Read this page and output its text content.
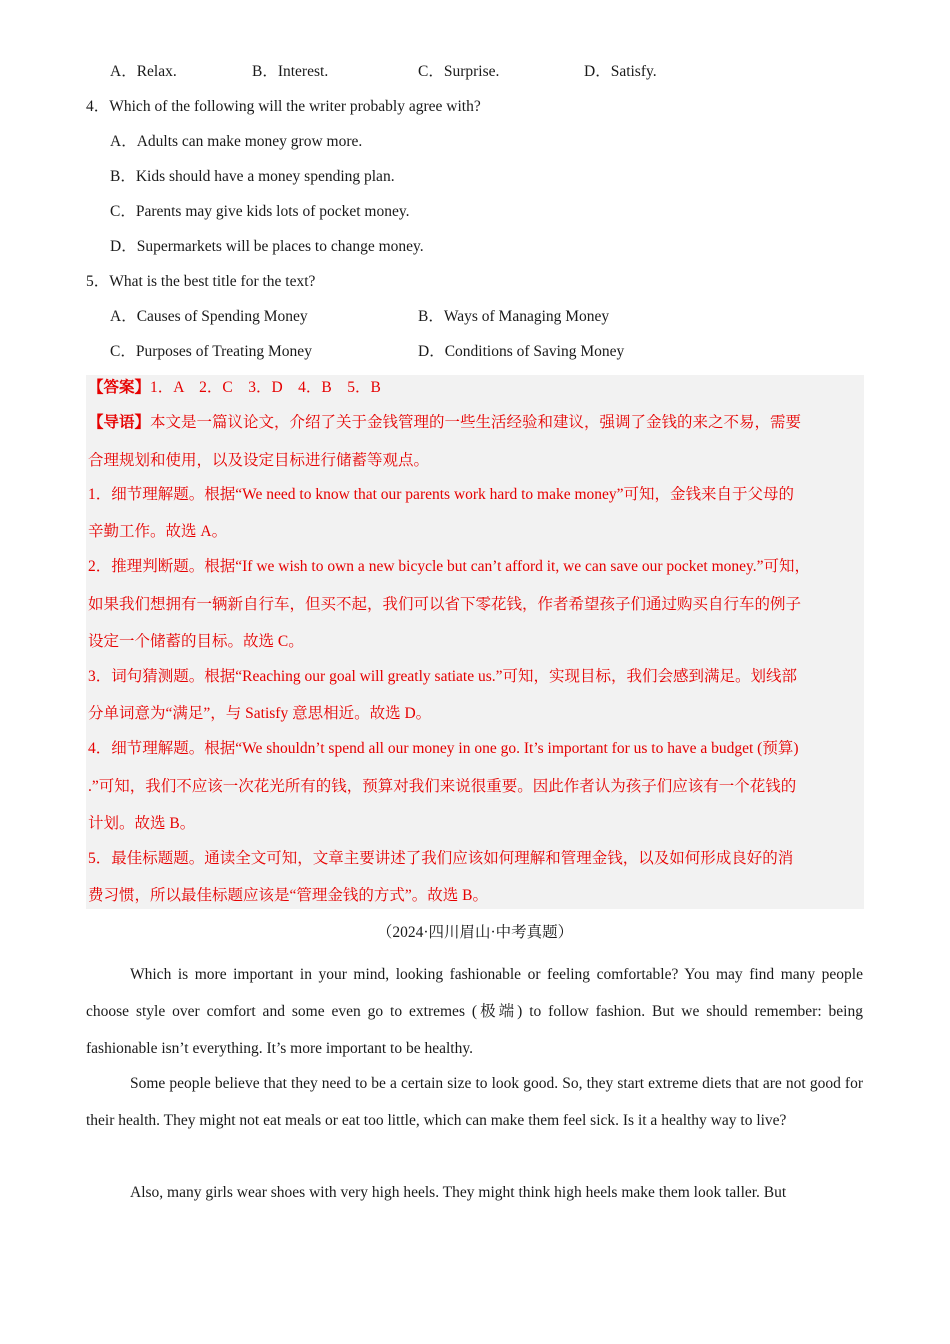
A．Relax.	B．Interest.	C．Surprise.	D．Satisfy.
4．Which of the following will the writer probably agree with?
A．Adults can make money grow more.
B．Kids should have a money spending plan.
C．Parents may give kids lots of pocket money.
D．Supermarkets will be places to change money.
5．What is the best title for the text?
A．Causes of Spending Money	B．Ways of Managing Money
C．Purposes of Treating Money	D．Conditions of Saving Money
【答案】1．A　2．C　3．D　4．B　5．B
【导语】本文是一篇议论文，介绍了关于金钱管理的一些生活经验和建议，强调了金钱的来之不易，需要
合理规划和使用，以及设定目标进行储蓄等观点。
1．细节理解题。根据“We need to know that our parents work hard to make money”可知，金钱来自于父母的
辛勤工作。故选 A。
2．推理判断题。根据“If we wish to own a new bicycle but can’t afford it, we can save our pocket money.”可知，
如果我们想拥有一辆新自行车，但买不起，我们可以省下零花钱，作者希望孩子们通过购买自行车的例子
设定一个储蓄的目标。故选 C。
3．词句猜测题。根据“Reaching our goal will greatly satiate us.”可知，实现目标，我们会感到满足。划线部
分单词意为“满足”，与 Satisfy 意思相近。故选 D。
4．细节理解题。根据“We shouldn’t spend all our money in one go. It’s important for us to have a budget (预算)
.”可知，我们不应该一次花光所有的钱，预算对我们来说很重要。因此作者认为孩子们应该有一个花钱的
计划。故选 B。
5．最佳标题题。通读全文可知，文章主要讲述了我们应该如何理解和管理金钱，以及如何形成良好的消
费习惯，所以最佳标题应该是“管理金钱的方式”。故选 B。
（2024·四川眉山·中考真题）
Which is more important in your mind, looking fashionable or feeling comfortable? You may find many people choose style over comfort and some even go to extremes (极端) to follow fashion. But we should remember: being fashionable isn’t everything. It’s more important to be healthy.
Some people believe that they need to be a certain size to look good. So, they start extreme diets that are not good for their health. They might not eat meals or eat too little, which can make them feel sick. Is it a healthy way to live?
Also, many girls wear shoes with very high heels. They might think high heels make them look taller. But
